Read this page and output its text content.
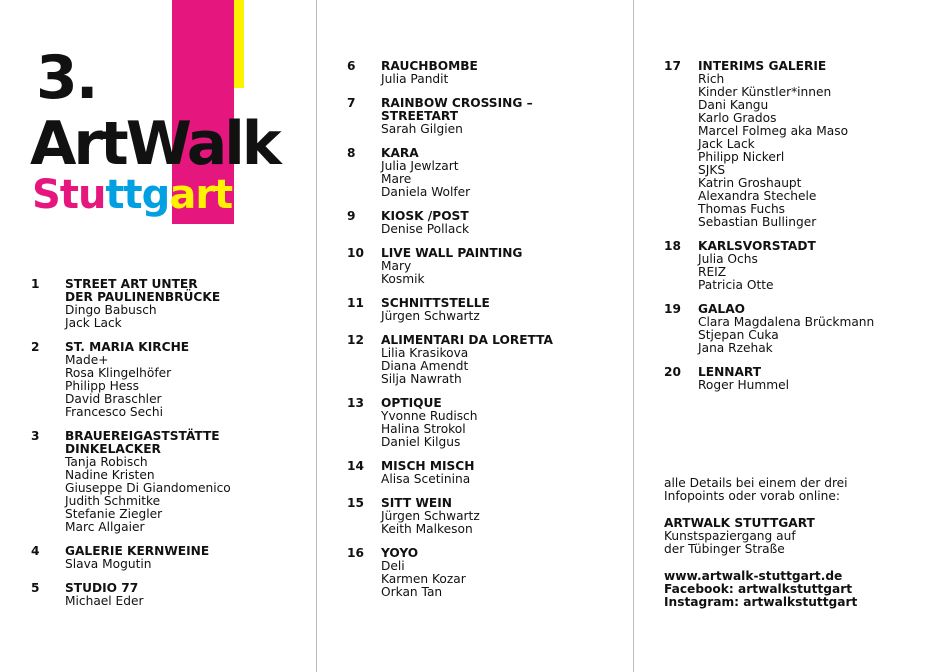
3.
ArtWalk
Stuttgart
1 STREET ART UNTER
DER PAULINENBRÜCKE
Dingo Babusch
Jack Lack
2 ST. MARIA KIRCHE
Made+
Rosa Klingelhöfer
Philipp Hess
David Braschler
Francesco Sechi
3 BRAUEREIGASTSTÄTTE
DINKELACKER
Tanja Robisch
Nadine Kristen
Giuseppe Di Giandomenico
Judith Schmitke
Stefanie Ziegler
Marc Allgaier
4 GALERIE KERNWEINE
Slava Mogutin
5 STUDIO 77
Michael Eder
6 RAUCHBOMBE
Julia Pandit
7 RAINBOW CROSSING –
STREETART
Sarah Gilgien
8 KARA
Julia Jewlzart
Mare
Daniela Wolfer
9 KIOSK /POST
Denise Pollack
10 LIVE WALL PAINTING
Mary
Kosmik
11 SCHNITTSTELLE
Jürgen Schwartz
12 ALIMENTARI DA LORETTA
Lilia Krasikova
Diana Amendt
Silja Nawrath
13 OPTIQUE
Yvonne Rudisch
Halina Strokol
Daniel Kilgus
14 MISCH MISCH
Alisa Scetinina
15 SITT WEIN
Jürgen Schwartz
Keith Malkeson
16 YOYO
Deli
Karmen Kozar
Orkan Tan
17 INTERIMS GALERIE
Rich
Kinder Künstler*innen
Dani Kangu
Karlo Grados
Marcel Folmeg aka Maso
Jack Lack
Philipp Nickerl
SJKS
Katrin Groshaupt
Alexandra Stechele
Thomas Fuchs
Sebastian Bullinger
18 KARLSVORSTADT
Julia Ochs
REIZ
Patricia Otte
19 GALAO
Clara Magdalena Brückmann
Stjepan Cuka
Jana Rzehak
20 LENNART
Roger Hummel
alle Details bei einem der drei
Infopoints oder vorab online:
ARTWALK STUTTGART
Kunstspaziergang auf
der Tübinger Straße
www.artwalk-stuttgart.de
Facebook: artwalkstuttgart
Instagram: artwalkstuttgart
